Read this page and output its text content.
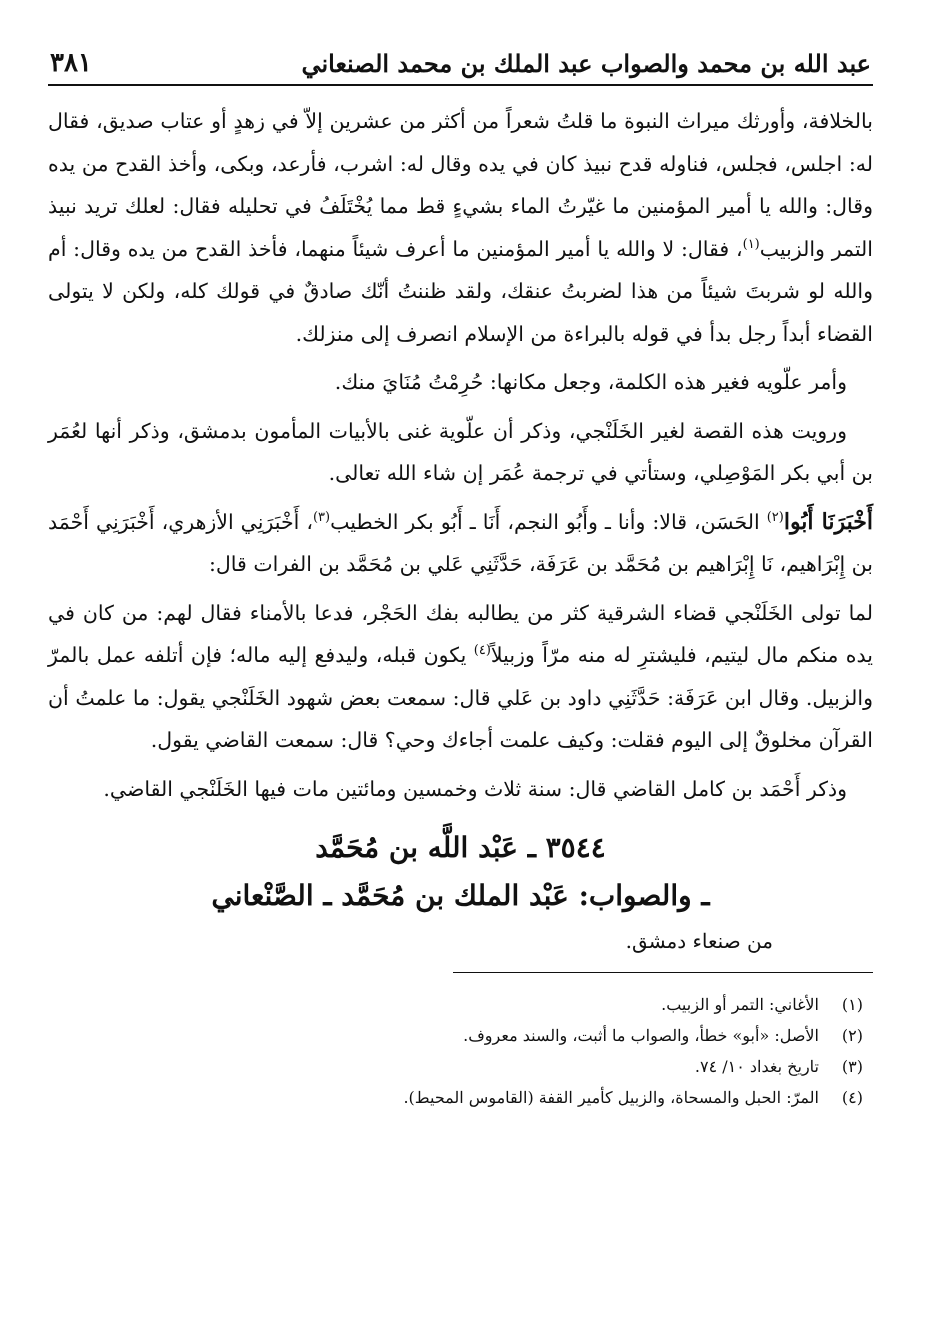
عبد الله بن محمد والصواب عبد الملك بن محمد الصنعاني
٣٨١

بالخلافة، وأورثك ميراث النبوة ما قلتُ شعراً من أكثر من عشرين إلاّ في زهدٍ أو عتاب صديق، فقال له: اجلس، فجلس، فناوله قدح نبيذ كان في يده وقال له: اشرب، فأرعد، وبكى، وأخذ القدح من يده وقال: والله يا أمير المؤمنين ما غيّرتُ الماء بشيءٍ قط مما يُخْتَلَفُ في تحليله فقال: لعلك تريد نبيذ التمر والزبيب$^{(١)}$، فقال: لا والله يا أمير المؤمنين ما أعرف شيئاً منهما، فأخذ القدح من يده وقال: أم والله لو شربتَ شيئاً من هذا لضربتُ عنقك، ولقد ظننتُ أنّك صادقٌ في قولك كله، ولكن لا يتولى القضاء أبداً رجل بدأ في قوله بالبراءة من الإسلام انصرف إلى منزلك.

وأمر علّويه فغير هذه الكلمة، وجعل مكانها: حُرِمْتُ مُنَايَ منك.

ورويت هذه القصة لغير الخَلَنْجي، وذكر أن علّوية غنى بالأبيات المأمون بدمشق، وذكر أنها لعُمَر بن أبي بكر المَوْصِلي، وستأتي في ترجمة عُمَر إن شاء الله تعالى.

أَخْبَرَنَا أَبُوا$^{(٢)}$ الحَسَن، قالا: وأنا ـ وأَبُو النجم، أَنَا ـ أَبُو بكر الخطيب$^{(٣)}$، أَخْبَرَنِي الأزهري، أَخْبَرَنِي أَحْمَد بن إِبْرَاهيم، نَا إِبْرَاهيم بن مُحَمَّد بن عَرَفَة، حَدَّثَنِي عَلي بن مُحَمَّد بن الفرات قال:

لما تولى الخَلَنْجي قضاء الشرقية كثر من يطالبه بفك الحَجْر، فدعا بالأمناء فقال لهم: من كان في يده منكم مال ليتيم، فليشترِ له منه مرّاً وزبيلاً$^{(٤)}$ يكون قبله، وليدفع إليه ماله؛ فإن أتلفه عمل بالمرّ والزبيل. وقال ابن عَرَفَة: حَدَّثَنِي داود بن عَلي قال: سمعت بعض شهود الخَلَنْجي يقول: ما علمتُ أن القرآن مخلوقٌ إلى اليوم فقلت: وكيف علمت أجاءك وحي؟ قال: سمعت القاضي يقول.

وذكر أَحْمَد بن كامل القاضي قال: سنة ثلاث وخمسين ومائتين مات فيها الخَلَنْجي القاضي.

٣٥٤٤ ـ عَبْد اللَّه بن مُحَمَّد
ـ والصواب: عَبْد الملك بن مُحَمَّد ـ الصَّنْعاني
من صنعاء دمشق.
(١)
الأغاني: التمر أو الزبيب.
(٢)
الأصل: «أبو» خطأ، والصواب ما أثبت، والسند معروف.
(٣)
تاريخ بغداد ١٠/ ٧٤.
(٤)
المرّ: الحبل والمسحاة، والزبيل كأمير القفة (القاموس المحيط).
